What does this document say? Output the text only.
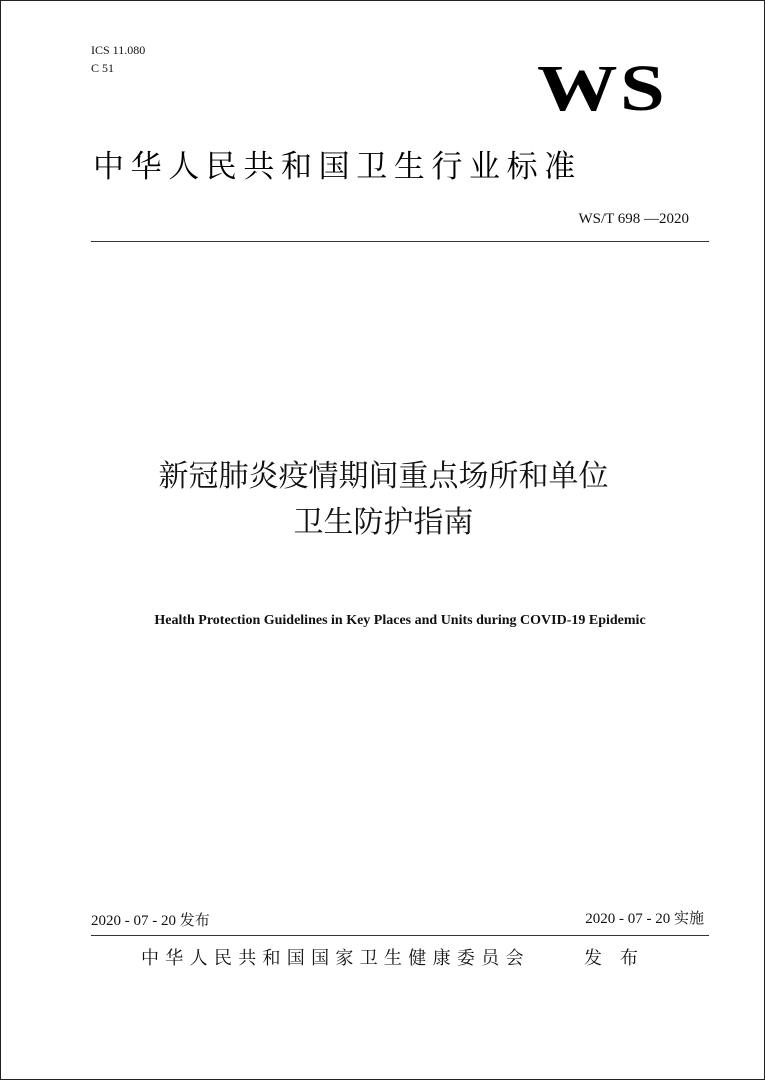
ICS 11.080
C 51	WS
中华人民共和国卫生行业标准
WS/T 698 —2020
新冠肺炎疫情期间重点场所和单位
卫生防护指南
Health Protection Guidelines in Key Places and Units during COVID-19 Epidemic
2020 - 07 - 20 发布	2020 - 07 - 20 实施
中华人民共和国国家卫生健康委员会	发布
